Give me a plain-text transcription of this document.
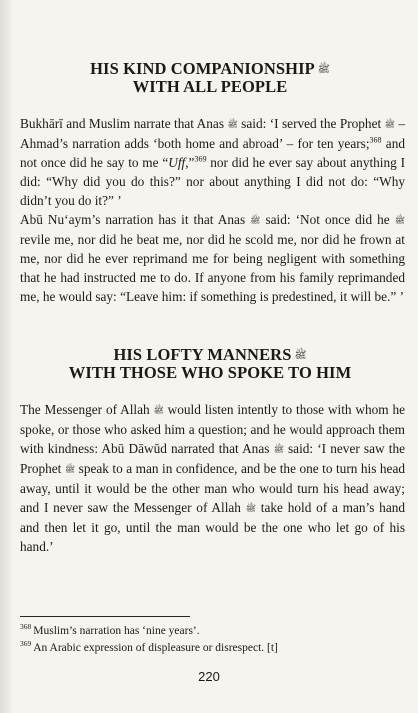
HIS KIND COMPANIONSHIP ﷺ
WITH ALL PEOPLE

Bukhārī and Muslim narrate that Anas ﷺ said: ‘I served the Prophet ﷺ – Ahmad’s narration adds ‘both home and abroad’ – for ten years;$^{368}$ and not once did he say to me “Uff,”$^{369}$ nor did he ever say about anything I did: “Why did you do this?” nor about anything I did not do: “Why didn’t you do it?” ’

Abū Nu‘aym’s narration has it that Anas ﷺ said: ‘Not once did he ﷺ revile me, nor did he beat me, nor did he scold me, nor did he frown at me, nor did he ever reprimand me for being negligent with something that he had instructed me to do. If anyone from his family reprimanded me, he would say: “Leave him: if something is predestined, it will be.” ’

HIS LOFTY MANNERS ﷺ
WITH THOSE WHO SPOKE TO HIM

The Messenger of Allah ﷺ would listen intently to those with whom he spoke, or those who asked him a question; and he would approach them with kindness: Abū Dāwūd narrated that Anas ﷺ said: ‘I never saw the Prophet ﷺ speak to a man in confidence, and be the one to turn his head away, until it would be the other man who would turn his head away; and I never saw the Messenger of Allah ﷺ take hold of a man’s hand and then let it go, until the man would be the one who let go of his hand.’

$^{368}$ Muslim’s narration has ‘nine years’.
$^{369}$ An Arabic expression of displeasure or disrespect. [t]
220
